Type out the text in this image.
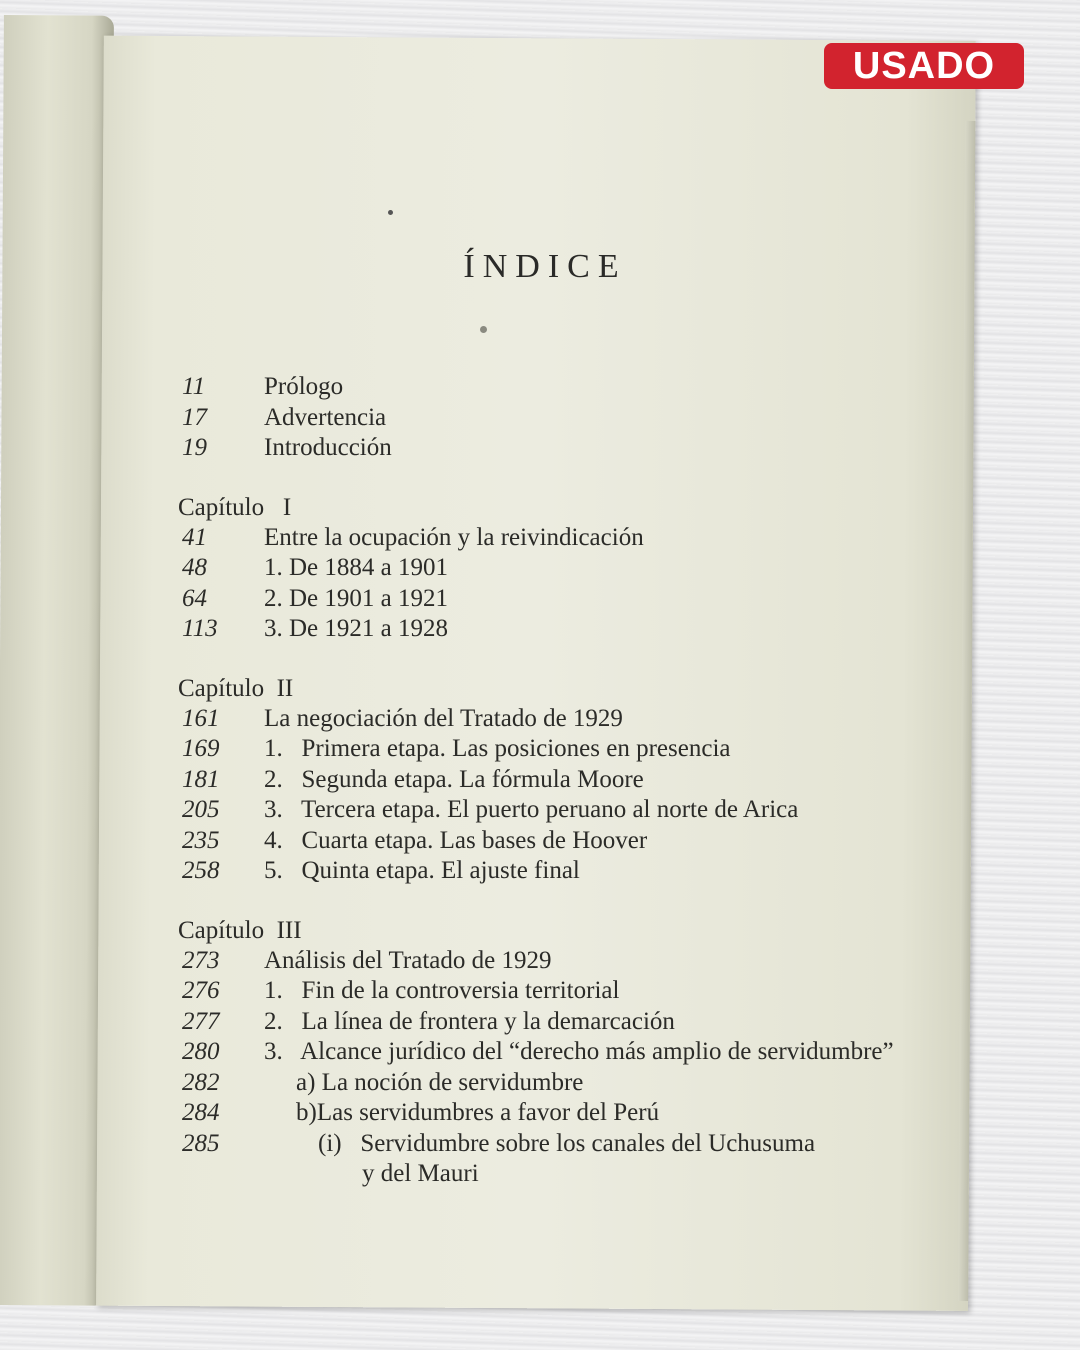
USADO
ÍNDICE
11 Prólogo
17 Advertencia
19 Introducción
Capítulo   I
41 Entre la ocupación y la reivindicación
48 1. De 1884 a 1901
64 2. De 1901 a 1921
113 3. De 1921 a 1928
Capítulo  II
161 La negociación del Tratado de 1929
169 1.   Primera etapa. Las posiciones en presencia
181 2.   Segunda etapa. La fórmula Moore
205 3.   Tercera etapa. El puerto peruano al norte de Arica
235 4.   Cuarta etapa. Las bases de Hoover
258 5.   Quinta etapa. El ajuste final
Capítulo  III
273 Análisis del Tratado de 1929
276 1.   Fin de la controversia territorial
277 2.   La línea de frontera y la demarcación
280 3.   Alcance jurídico del “derecho más amplio de servidumbre”
282	a) La noción de servidumbre
284	b)Las servidumbres a favor del Perú
285	(i)   Servidumbre sobre los canales del Uchusuma
y del Mauri
